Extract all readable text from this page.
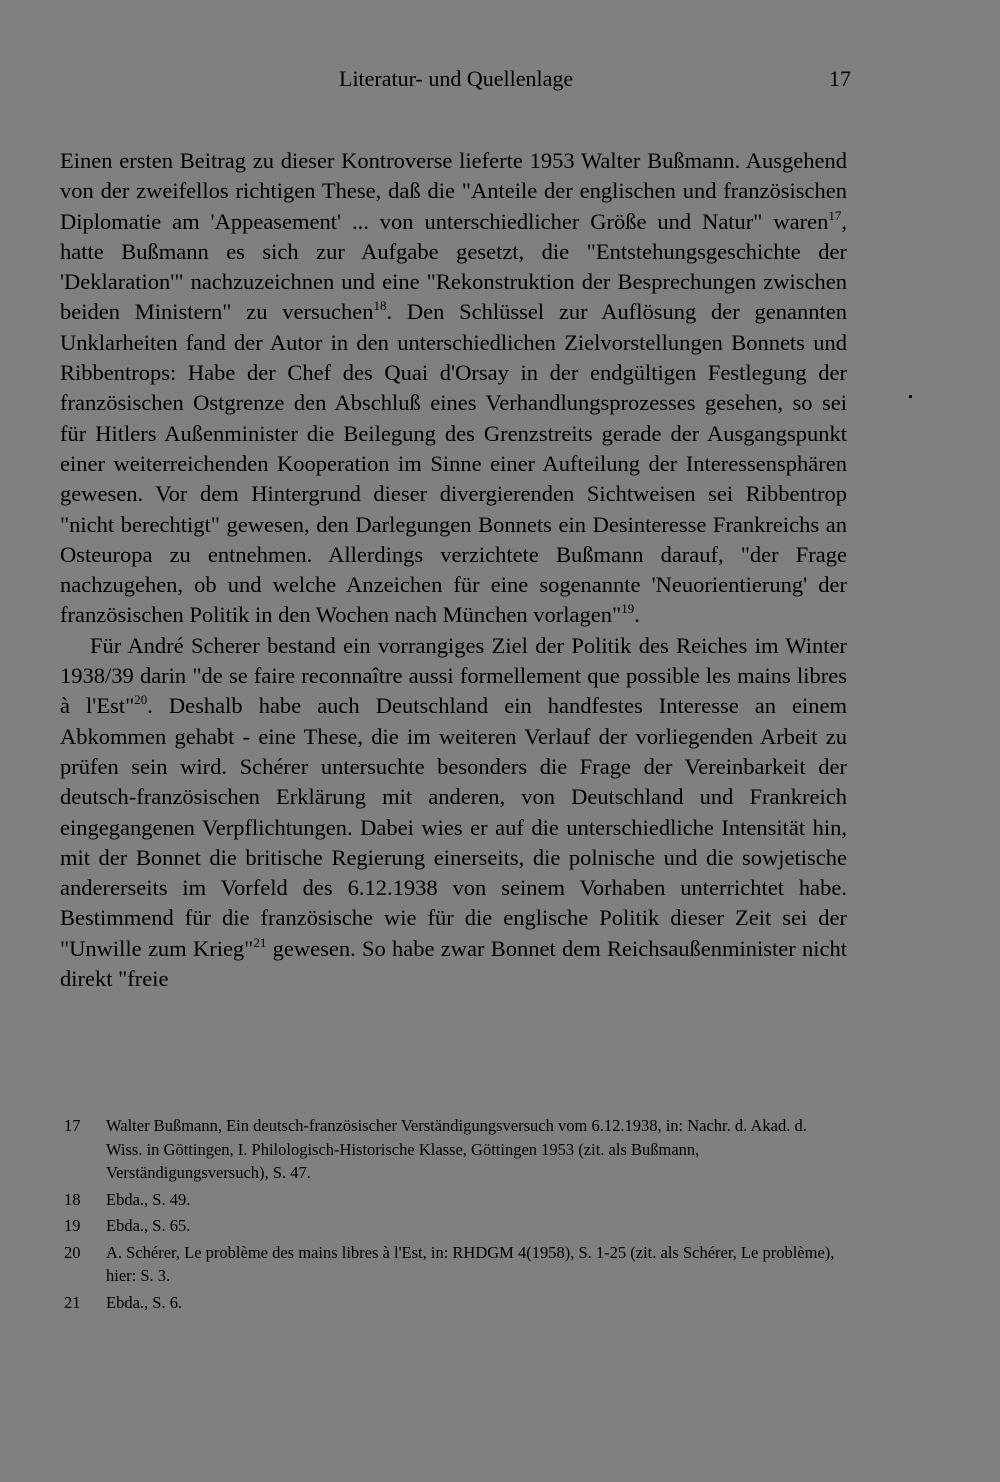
Literatur- und Quellenlage	17

Einen ersten Beitrag zu dieser Kontroverse lieferte 1953 Walter Bußmann. Ausgehend von der zweifellos richtigen These, daß die "Anteile der englischen und französischen Diplomatie am 'Appeasement' ... von unterschiedlicher Größe und Natur" waren$^{17}$, hatte Bußmann es sich zur Aufgabe gesetzt, die "Entstehungsgeschichte der 'Deklaration'" nachzuzeichnen und eine "Rekonstruktion der Besprechungen zwischen beiden Ministern" zu versuchen$^{18}$. Den Schlüssel zur Auflösung der genannten Unklarheiten fand der Autor in den unterschiedlichen Zielvorstellungen Bonnets und Ribbentrops: Habe der Chef des Quai d'Orsay in der endgültigen Festlegung der französischen Ostgrenze den Abschluß eines Verhandlungsprozesses gesehen, so sei für Hitlers Außenminister die Beilegung des Grenzstreits gerade der Ausgangspunkt einer weiterreichenden Kooperation im Sinne einer Aufteilung der Interessensphären gewesen. Vor dem Hintergrund dieser divergierenden Sichtweisen sei Ribbentrop "nicht berechtigt" gewesen, den Darlegungen Bonnets ein Desinteresse Frankreichs an Osteuropa zu entnehmen. Allerdings verzichtete Bußmann darauf, "der Frage nachzugehen, ob und welche Anzeichen für eine sogenannte 'Neuorientierung' der französischen Politik in den Wochen nach München vorlagen"$^{19}$.

Für André Scherer bestand ein vorrangiges Ziel der Politik des Reiches im Winter 1938/39 darin "de se faire reconnaître aussi formellement que possible les mains libres à l'Est"$^{20}$. Deshalb habe auch Deutschland ein handfestes Interesse an einem Abkommen gehabt - eine These, die im weiteren Verlauf der vorliegenden Arbeit zu prüfen sein wird. Schérer untersuchte besonders die Frage der Vereinbarkeit der deutsch-französischen Erklärung mit anderen, von Deutschland und Frankreich eingegangenen Verpflichtungen. Dabei wies er auf die unterschiedliche Intensität hin, mit der Bonnet die britische Regierung einerseits, die polnische und die sowjetische andererseits im Vorfeld des 6.12.1938 von seinem Vorhaben unterrichtet habe. Bestimmend für die französische wie für die englische Politik dieser Zeit sei der "Unwille zum Krieg"$^{21}$ gewesen. So habe zwar Bonnet dem Reichsaußenminister nicht direkt "freie

17 Walter Bußmann, Ein deutsch-französischer Verständigungsversuch vom 6.12.1938, in: Nachr. d. Akad. d. Wiss. in Göttingen, I. Philologisch-Historische Klasse, Göttingen 1953 (zit. als Bußmann, Verständigungsversuch), S. 47.
18 Ebda., S. 49.
19 Ebda., S. 65.
20 A. Schérer, Le problème des mains libres à l'Est, in: RHDGM 4(1958), S. 1-25 (zit. als Schérer, Le problème), hier: S. 3.
21 Ebda., S. 6.
